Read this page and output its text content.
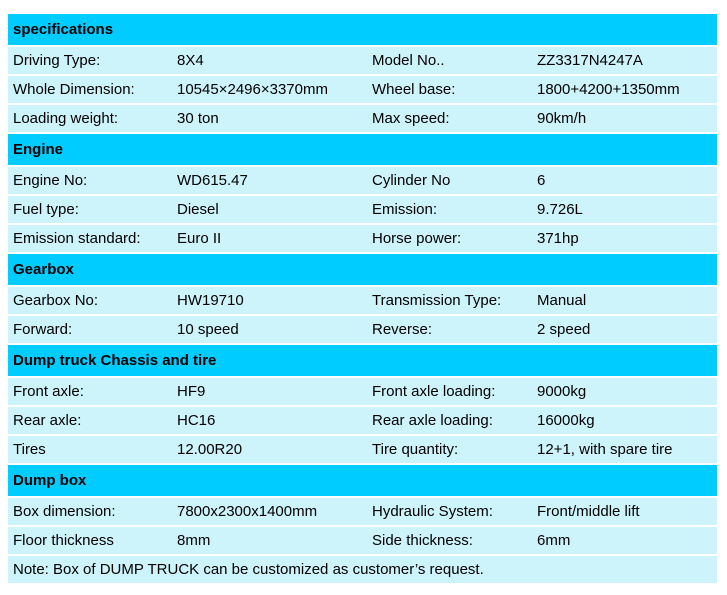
specifications
Driving Type:	8X4	Model No..	ZZ3317N4247A
Whole Dimension:	10545×2496×3370mm	Wheel base:	1800+4200+1350mm
Loading weight:	30 ton	Max speed:	90km/h
Engine
Engine No:	WD615.47	Cylinder No	6
Fuel type:	Diesel	Emission:	9.726L
Emission standard:	Euro II	Horse power:	371hp
Gearbox
Gearbox No:	HW19710	Transmission Type:	Manual
Forward:	10 speed	Reverse:	2 speed
Dump truck Chassis and tire
Front axle:	HF9	Front axle loading:	9000kg
Rear axle:	HC16	Rear axle loading:	16000kg
Tires	12.00R20	Tire quantity:	12+1, with spare tire
Dump box
Box dimension:	7800x2300x1400mm	Hydraulic System:	Front/middle lift
Floor thickness	8mm	Side thickness:	6mm
Note: Box of DUMP TRUCK can be customized as customer’s request.
